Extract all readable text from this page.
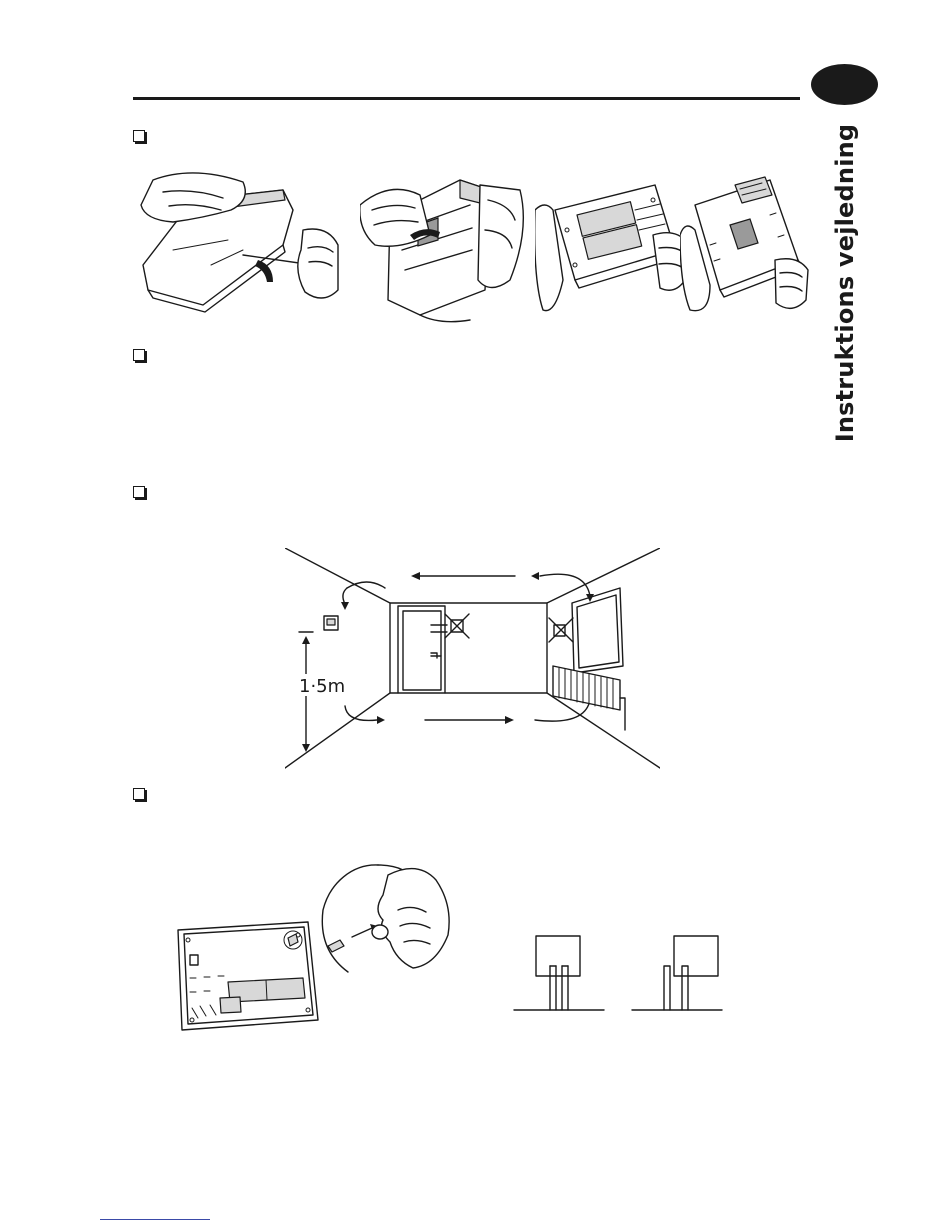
Instruktions vejledning
1·5m
